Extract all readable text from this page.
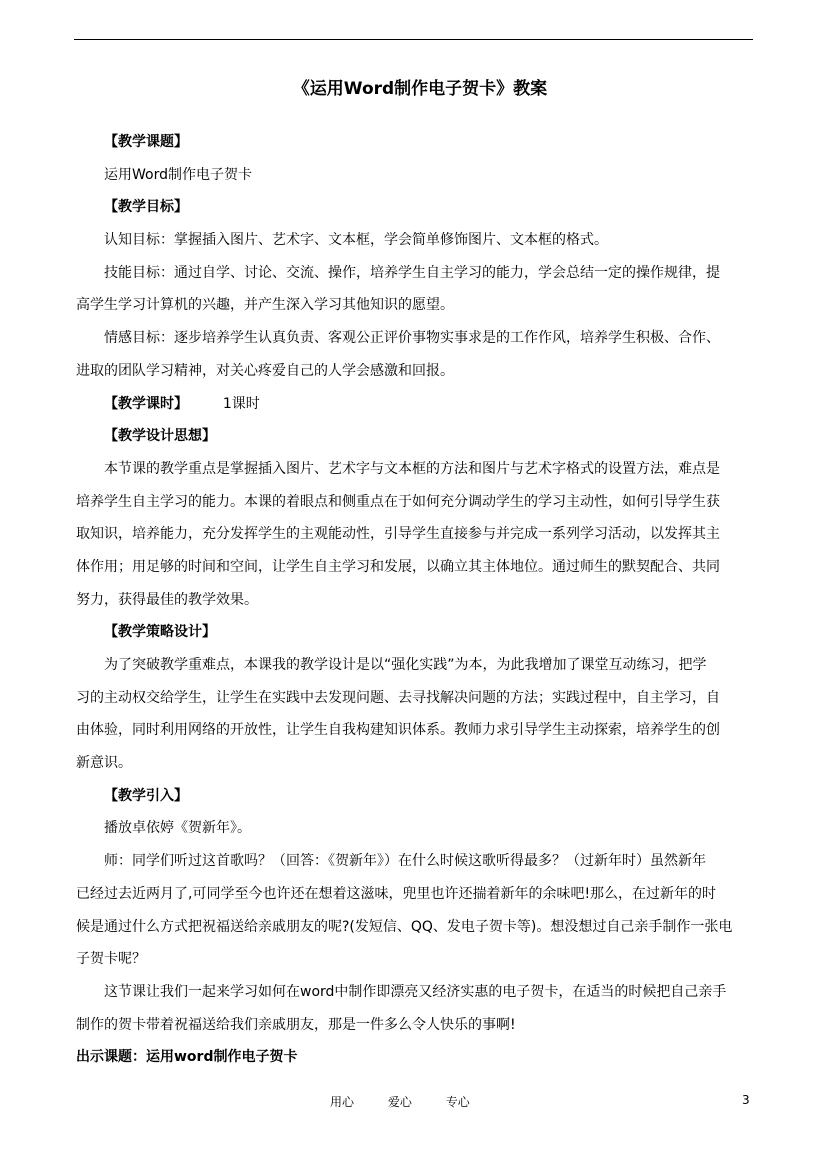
《运用Word制作电子贺卡》教案
【教学课题】
运用Word制作电子贺卡
【教学目标】
认知目标：掌握插入图片、艺术字、文本框，学会简单修饰图片、文本框的格式。
技能目标：通过自学、讨论、交流、操作，培养学生自主学习的能力，学会总结一定的操作规律，提
高学生学习计算机的兴趣，并产生深入学习其他知识的愿望。
情感目标：逐步培养学生认真负责、客观公正评价事物实事求是的工作作风，培养学生积极、合作、
进取的团队学习精神，对关心疼爱自己的人学会感激和回报。
【教学课时】 1课时
【教学设计思想】
本节课的教学重点是掌握插入图片、艺术字与文本框的方法和图片与艺术字格式的设置方法，难点是
培养学生自主学习的能力。本课的着眼点和侧重点在于如何充分调动学生的学习主动性，如何引导学生获
取知识，培养能力，充分发挥学生的主观能动性，引导学生直接参与并完成一系列学习活动，以发挥其主
体作用；用足够的时间和空间，让学生自主学习和发展，以确立其主体地位。通过师生的默契配合、共同
努力，获得最佳的教学效果。
【教学策略设计】
为了突破教学重难点，本课我的教学设计是以“强化实践”为本，为此我增加了课堂互动练习，把学
习的主动权交给学生，让学生在实践中去发现问题、去寻找解决问题的方法；实践过程中，自主学习，自
由体验，同时利用网络的开放性，让学生自我构建知识体系。教师力求引导学生主动探索，培养学生的创
新意识。
【教学引入】
播放卓依婷《贺新年》。
师：同学们听过这首歌吗？（回答：《贺新年》）在什么时候这歌听得最多？（过新年时）虽然新年
已经过去近两月了,可同学至今也许还在想着这滋味，兜里也许还揣着新年的余味吧!那么，在过新年的时
候是通过什么方式把祝福送给亲戚朋友的呢?(发短信、QQ、发电子贺卡等)。想没想过自己亲手制作一张电
子贺卡呢？
这节课让我们一起来学习如何在word中制作即漂亮又经济实惠的电子贺卡，在适当的时候把自己亲手
制作的贺卡带着祝福送给我们亲戚朋友，那是一件多么令人快乐的事啊!
出示课题：运用word制作电子贺卡
用心	爱心	专心	3
